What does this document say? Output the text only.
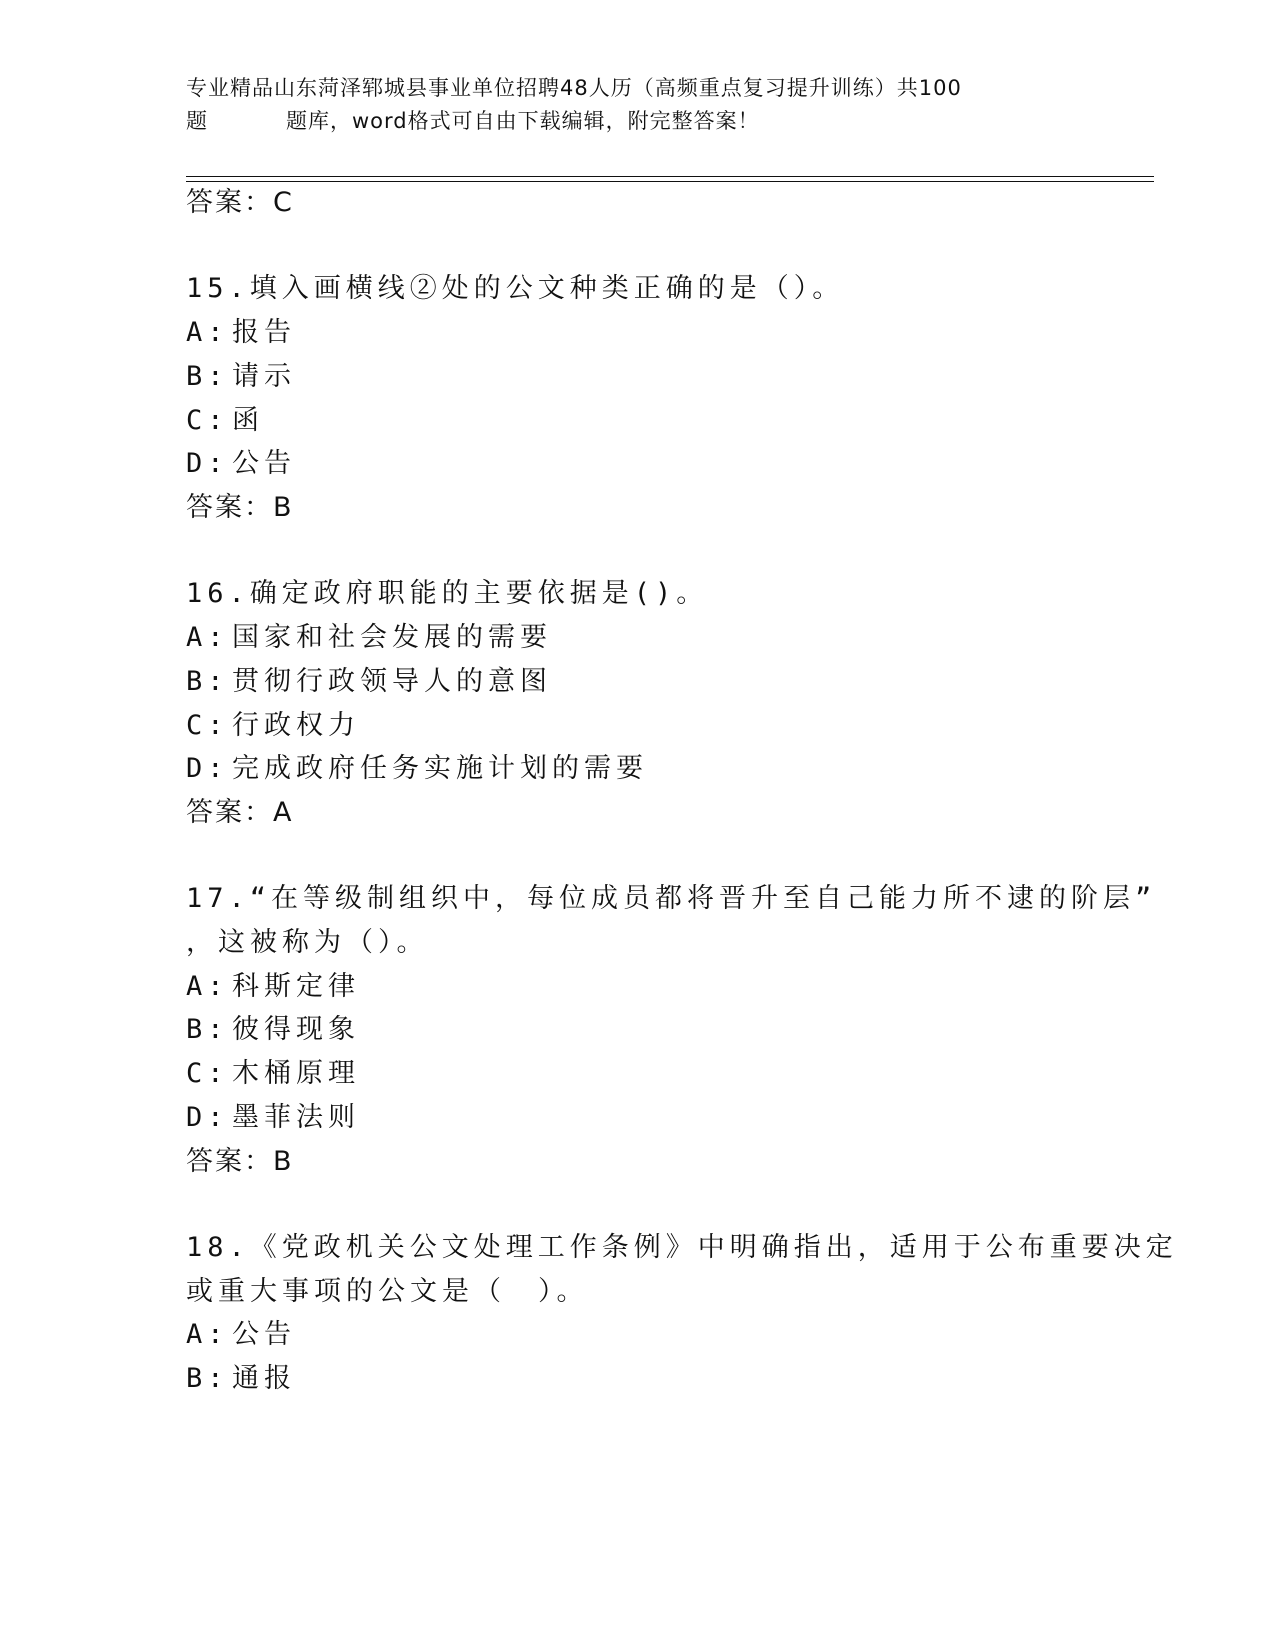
专业精品山东菏泽郓城县事业单位招聘48人历（高频重点复习提升训练）共100
题	题库，word格式可自由下载编辑，附完整答案！
答案：C
15.填入画横线②处的公文种类正确的是（）。
A: 报告
B: 请示
C: 函
D: 公告
答案：B
16.确定政府职能的主要依据是()。
A: 国家和社会发展的需要
B: 贯彻行政领导人的意图
C: 行政权力
D: 完成政府任务实施计划的需要
答案：A
17.“在等级制组织中，每位成员都将晋升至自己能力所不逮的阶层”
，这被称为（）。
A: 科斯定律
B: 彼得现象
C: 木桶原理
D: 墨菲法则
答案：B
18.《党政机关公文处理工作条例》中明确指出，适用于公布重要决定
或重大事项的公文是（　）。
A: 公告
B: 通报
